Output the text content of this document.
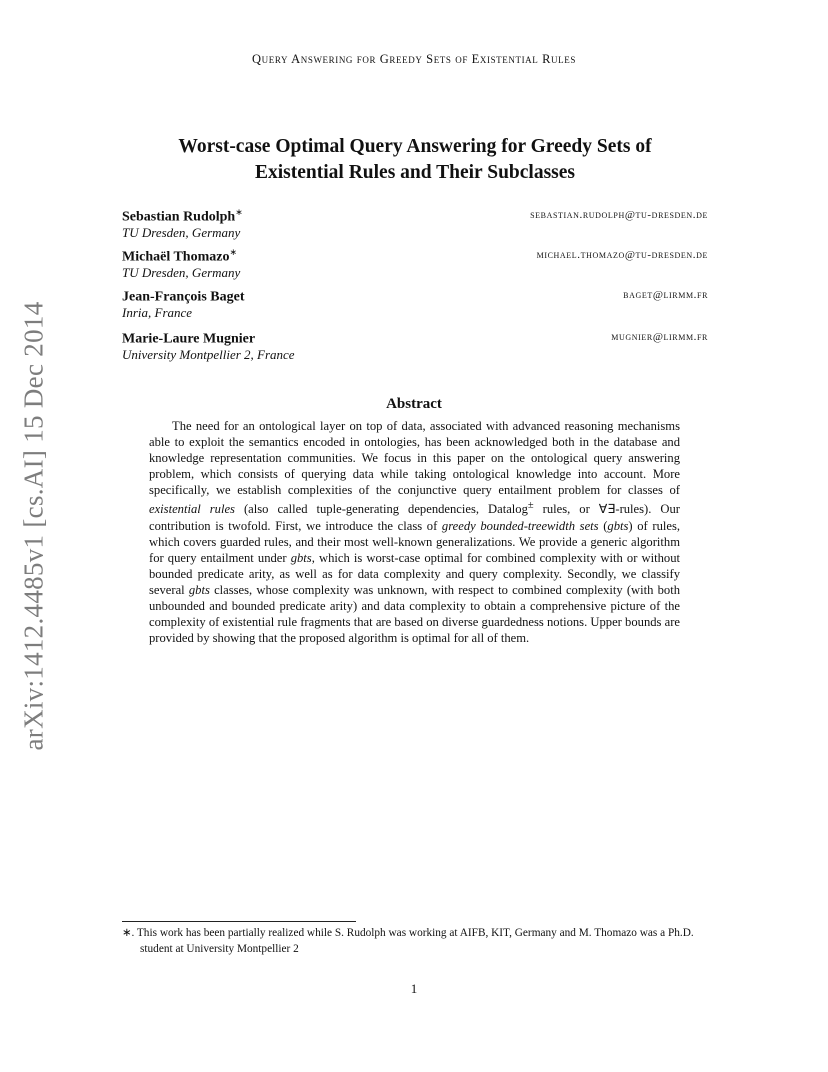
arXiv:1412.4485v1 [cs.AI] 15 Dec 2014
Query Answering for Greedy Sets of Existential Rules
Worst-case Optimal Query Answering for Greedy Sets of
Existential Rules and Their Subclasses
Sebastian Rudolph∗	sebastian.rudolph@tu-dresden.de
TU Dresden, Germany
Michaël Thomazo∗	michael.thomazo@tu-dresden.de
TU Dresden, Germany
Jean-François Baget	baget@lirmm.fr
Inria, France
Marie-Laure Mugnier	mugnier@lirmm.fr
University Montpellier 2, France
Abstract

The need for an ontological layer on top of data, associated with advanced reasoning mechanisms able to exploit the semantics encoded in ontologies, has been acknowledged both in the database and knowledge representation communities. We focus in this paper on the ontological query answering problem, which consists of querying data while taking ontological knowledge into account. More specifically, we establish complexities of the conjunctive query entailment problem for classes of existential rules (also called tuple-generating dependencies, Datalog± rules, or ∀∃-rules). Our contribution is twofold. First, we introduce the class of greedy bounded-treewidth sets (gbts) of rules, which covers guarded rules, and their most well-known generalizations. We provide a generic algorithm for query entailment under gbts, which is worst-case optimal for combined complexity with or without bounded predicate arity, as well as for data complexity and query complexity. Secondly, we classify several gbts classes, whose complexity was unknown, with respect to combined complexity (with both unbounded and bounded predicate arity) and data complexity to obtain a comprehensive picture of the complexity of existential rule fragments that are based on diverse guardedness notions. Upper bounds are provided by showing that the proposed algorithm is optimal for all of them.

∗. This work has been partially realized while S. Rudolph was working at AIFB, KIT, Germany and M. Thomazo was a Ph.D. student at University Montpellier 2

1
